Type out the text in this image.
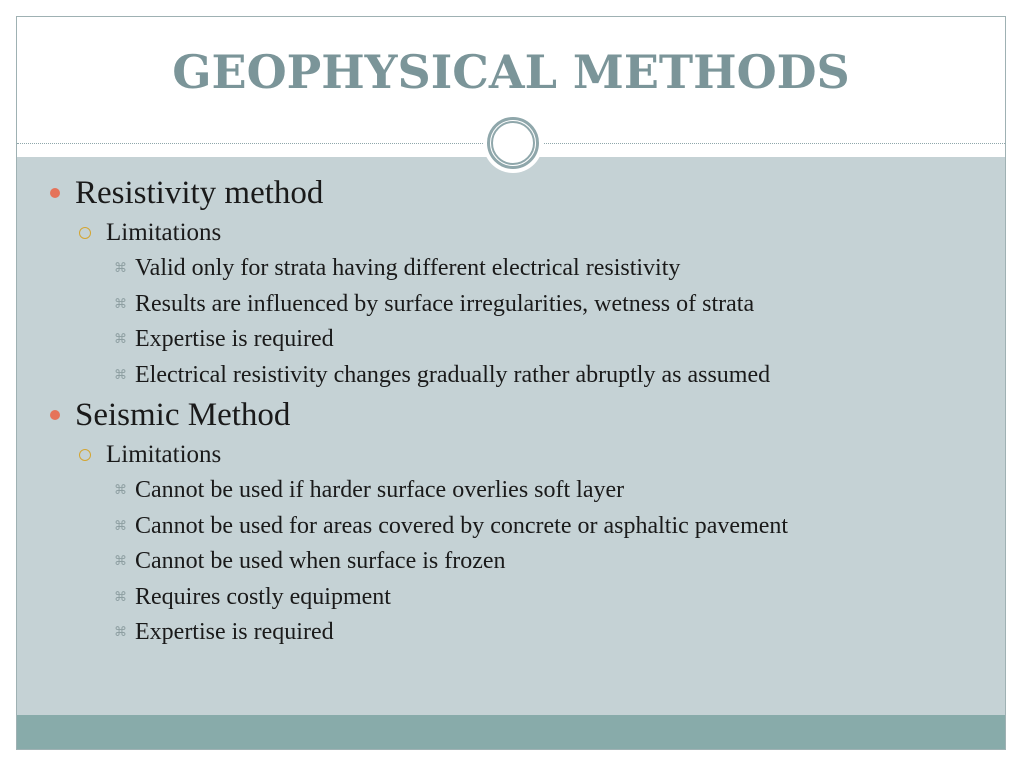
GEOPHYSICAL METHODS
Resistivity method
Limitations
⌘ Valid only for strata having different electrical resistivity
⌘ Results are influenced by surface irregularities, wetness of strata
⌘ Expertise is required
⌘ Electrical resistivity changes gradually rather abruptly as assumed
Seismic Method
Limitations
⌘ Cannot be used if harder surface overlies soft layer
⌘ Cannot be used for areas covered by concrete or asphaltic pavement
⌘ Cannot be used when surface is frozen
⌘ Requires costly equipment
⌘ Expertise is required
